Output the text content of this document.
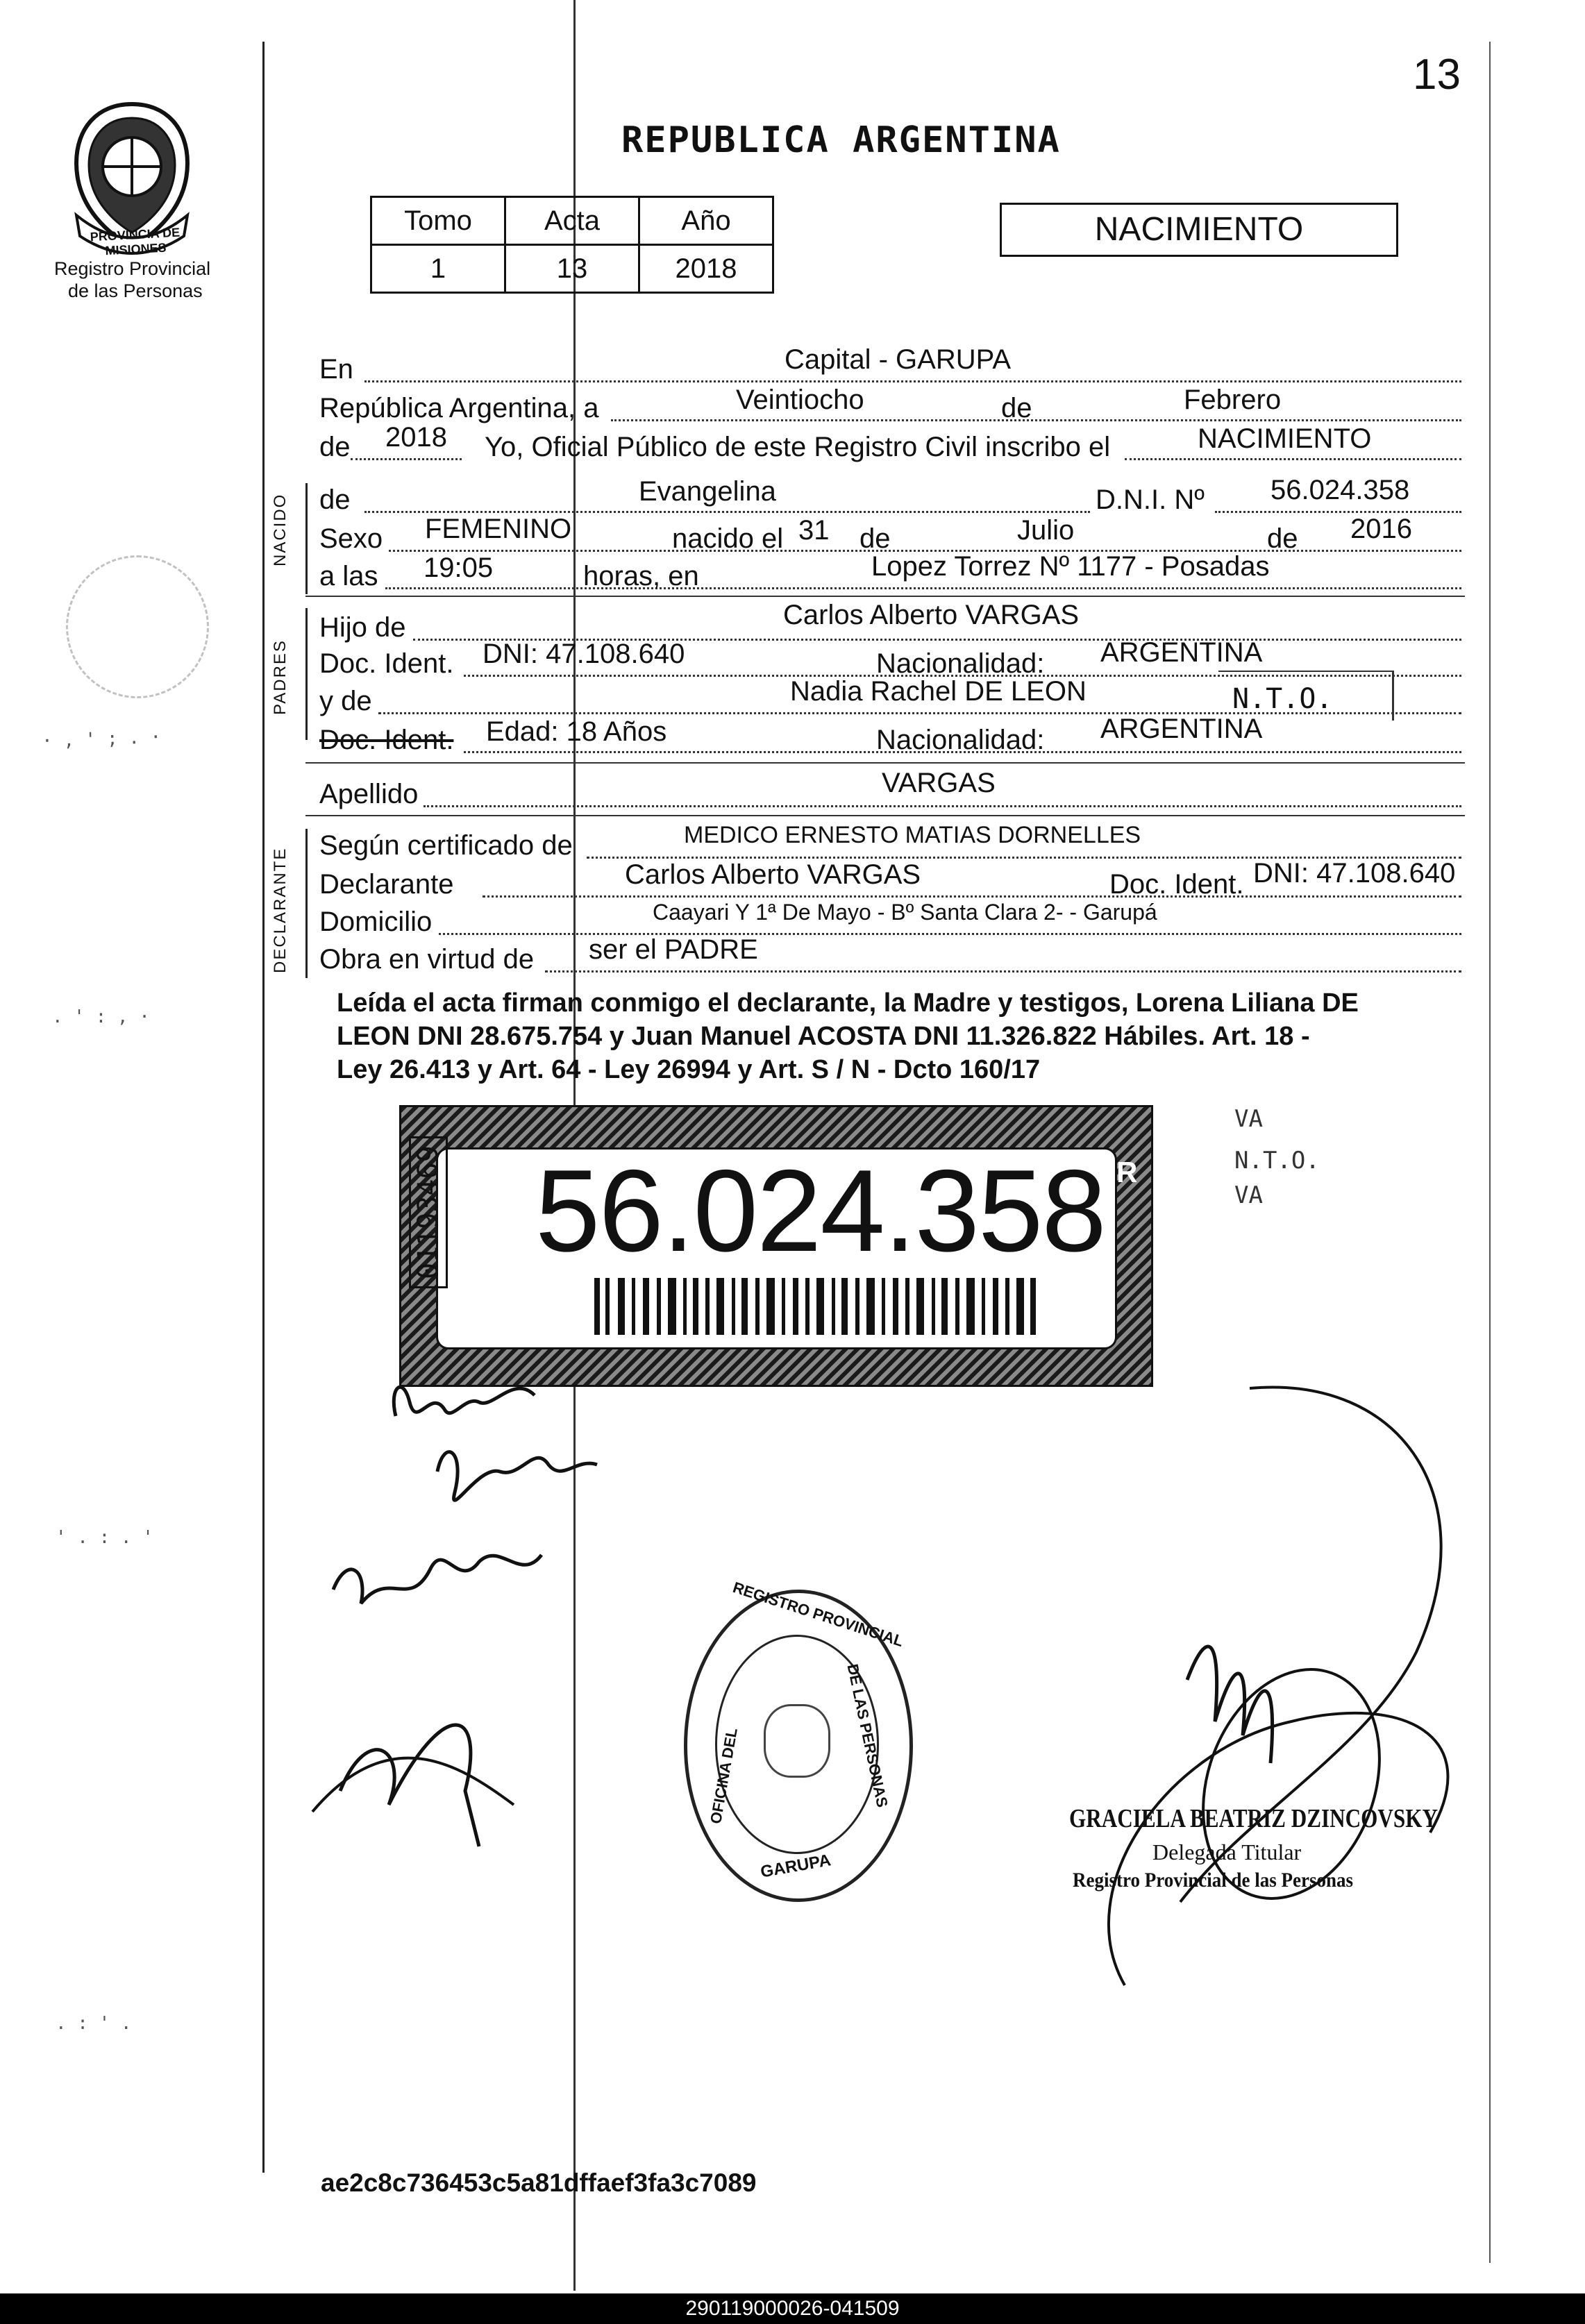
13
PROVINCIA DE MISIONES
Registro Provincial
de las Personas
· , ' ; . ·
. ' : , ·
' . : . '
. : ' .
REPUBLICA ARGENTINA
Tomo	Acta	Año
1	13	2018
NACIMIENTO
En	Capital - GARUPA
República Argentina, a	Veintiocho	de	Febrero
de 2018 Yo, Oficial Público de este Registro Civil inscribo el	NACIMIENTO
NACIDO de	Evangelina	D.N.I. Nº 56.024.358
Sexo FEMENINO	nacido el 31 de	Julio	de 2016
a las 19:05	horas, en	Lopez Torrez Nº 1177 - Posadas
PADRES
Hijo de	Carlos Alberto VARGAS
Doc. Ident. DNI: 47.108.640	Nacionalidad: ARGENTINA
y de	Nadia Rachel DE LEON	N.T.O.
Doc. Ident. Edad: 18 Años	Nacionalidad: ARGENTINA
Apellido	VARGAS
DECLARANTE
Según certificado de	MEDICO ERNESTO MATIAS DORNELLES
Declarante	Carlos Alberto VARGAS	Doc. Ident. DNI: 47.108.640
Domicilio	Caayari Y 1ª De Mayo - Bº Santa Clara 2- - Garupá
Obra en virtud de ser el PADRE
Leída el acta firman conmigo el declarante, la Madre y testigos, Lorena Liliana DE
LEON DNI 28.675.754 y Juan Manuel ACOSTA DNI 11.326.822 Hábiles. Art. 18 -
Ley 26.413 y Art. 64 - Ley 26994 y Art. S / N - Dcto 160/17
01193469 56.024.358 R
VA
N.T.O.
VA
REGISTRO PROVINCIAL
DE LAS PERSONAS
OFICINA DEL
GARUPA
GRACIELA BEATRIZ DZINCOVSKY
Delegada Titular
Registro Provincial de las Personas
ae2c8c736453c5a81dffaef3fa3c7089
290119000026-041509
